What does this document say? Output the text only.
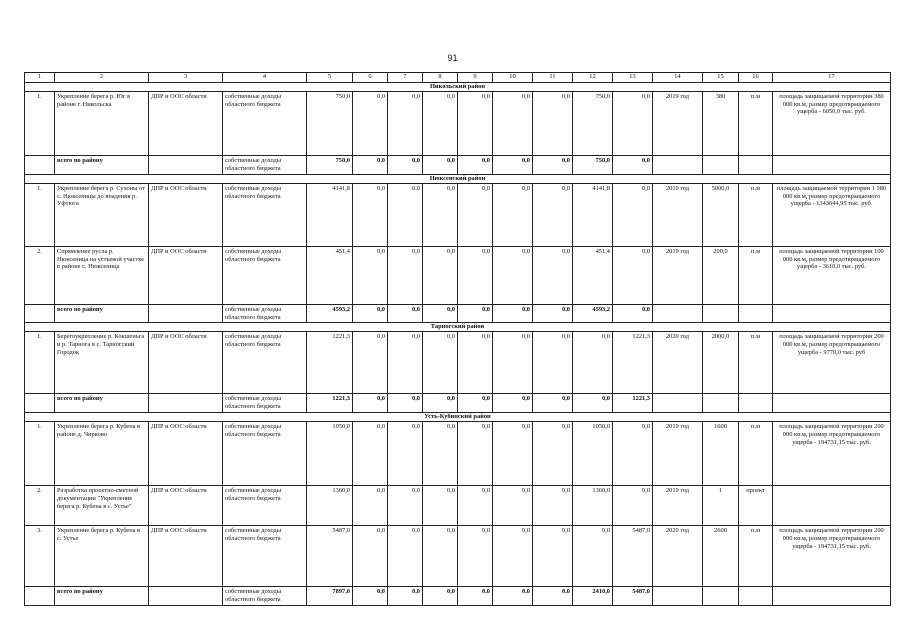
91
1	2	3	4	5	6	7	8	9	10	11	12	13	14	15	16	17
Никольский район																
1.	Укрепление берега р. Юг в районе г. Никольска	ДПР и ООС области	собственные доходы областного бюджета	750,0	0,0	0,0	0,0	0,0	0,0	0,0	750,0	0,0	2019 год	380	п.м	площадь защищаемой территории 380 000 кв.м, размер предотвращаемого ущерба - 6050,0 тыс. руб.
	всего по району		собственные доходы областного бюджета	750,0	0,0	0,0	0,0	0,0	0,0	0,0	750,0	0,0				
Нюксенский район																
1.	Укрепление берега р. Сухоны от с. Нюксеницы до впадения р. Уфтюга	ДПР и ООС области	собственные доходы областного бюджета	4141,8	0,0	0,0	0,0	0,0	0,0	0,0	4141,8	0,0	2019 год	5000,0	п.м	площадь защищаемой территории 1 380 000 кв.м, размер предотвращаемого ущерба - 1343644,95 тыс. руб.
2.	Спрямление русла р. Нюксеница на устьевой участке в районе с. Нюксеница	ДПР и ООС области	собственные доходы областного бюджета	451,4	0,0	0,0	0,0	0,0	0,0	0,0	451,4	0,0	2019 год	200,0	п.м	площадь защищаемой территории 100 000 кв.м, размер предотвращаемого ущерба - 3610,0 тыс. руб.
	всего по району		собственные доходы областного бюджета	4593,2	0,0	0,0	0,0	0,0	0,0	0,0	4593,2	0,0				
Тарногский район																
1.	Берегоукрепление р. Кокшеньга и р. Тарнога в с. Тарногский Городок	ДПР и ООС области	собственные доходы областного бюджета	1221,3	0,0	0,0	0,0	0,0	0,0	0,0	0,0	1221,3	2020 год	2000,0	п.м	площадь защищаемой территории 200 000 кв.м, размер предотвращаемого ущерба - 9770,0 тыс. руб
	всего по району		собственные доходы областного бюджета	1221,3	0,0	0,0	0,0	0,0	0,0	0,0	0,0	1221,3				
Усть-Кубинский район																
1.	Укрепление берега р. Кубена в районе д. Чирково	ДПР и ООС области	собственные доходы областного бюджета	1050,0	0,0	0,0	0,0	0,0	0,0	0,0	1050,0	0,0	2019 год	1600	п.м	площадь защищаемой территории 200 000 кв.м, размер предотвращаемого ущерба - 194731,15 тыс. руб.
2.	Разработка проектно-сметной документации "Укрепление берега р. Кубена в с. Устье"	ДПР и ООС области	собственные доходы областного бюджета	1360,0	0,0	0,0	0,0	0,0	0,0	0,0	1360,0	0,0	2019 год	1	проект	
3.	Укрепление берега р. Кубена в с. Устье	ДПР и ООС области	собственные доходы областного бюджета	5487,0	0,0	0,0	0,0	0,0	0,0	0,0	0,0	5487,0	2020 год	2600	п.м	площадь защищаемой территории 200 000 кв.м, размер предотвращаемого ущерба - 194731,15 тыс. руб.
	всего по району		собственные доходы областного бюджета	7897,0	0,0	0,0	0,0	0,0	0,0	0,0	2410,0	5487,0				
